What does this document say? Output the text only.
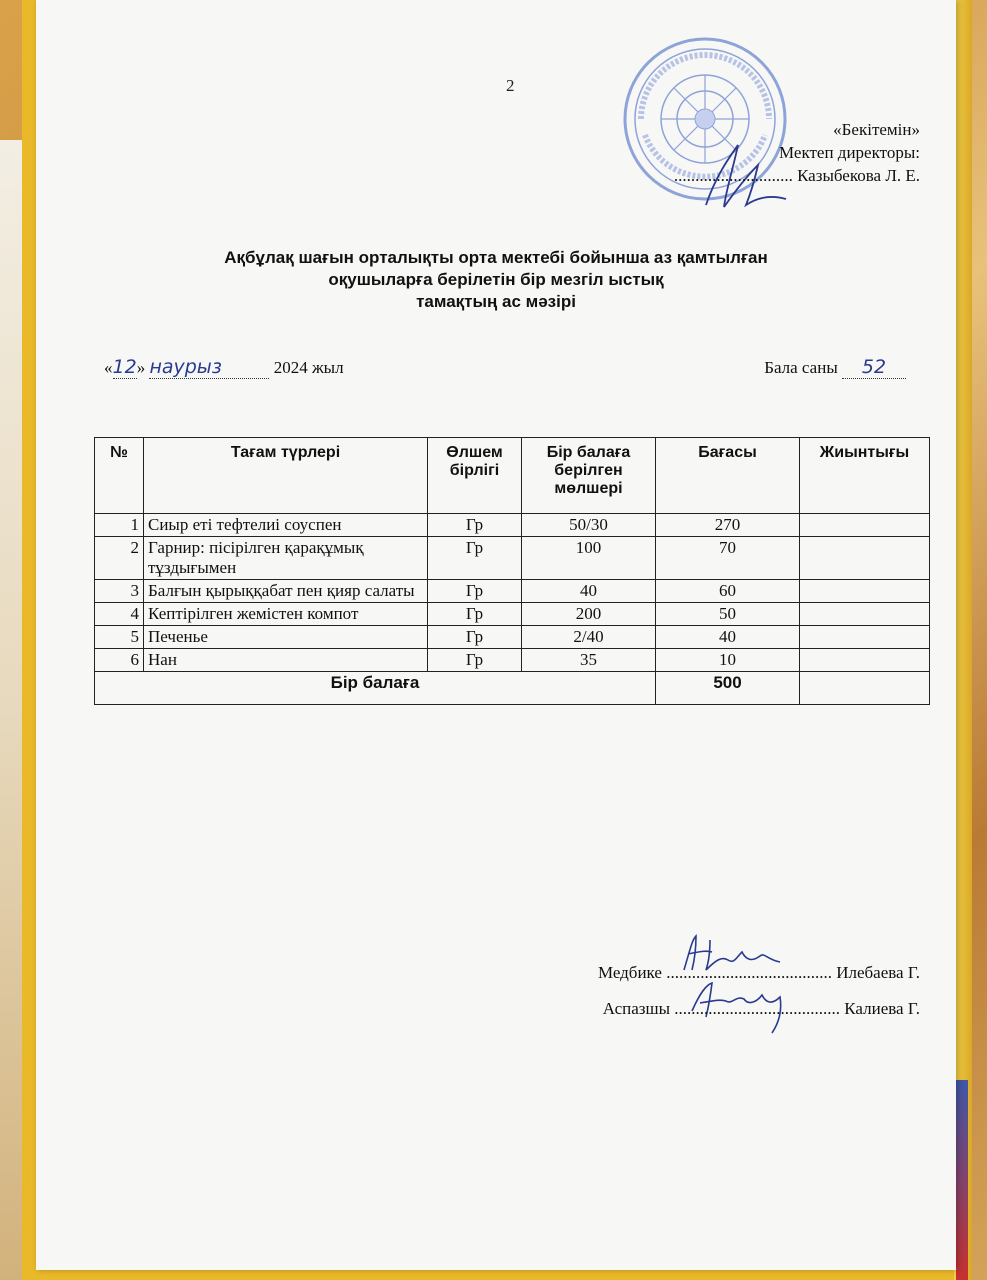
2
«Бекітемін»
Мектеп директоры:
............................ Казыбекова Л. Е.
Ақбұлақ шағын орталықты орта мектебі бойынша аз қамтылған
оқушыларға берілетін бір мезгіл ыстық
тамақтың ас мәзірі
«12» наурыз	2024 жыл	Бала саны 52
№	Тағам түрлері	Өлшем бірлігі	Бір балаға берілген мөлшері	Бағасы	Жиынтығы
1	Сиыр еті тефтелиі соуспен	Гр	50/30	270	
2	Гарнир: пісірілген қарақұмық тұздығымен	Гр	100	70	
3	Балғын қырыққабат пен қияр салаты	Гр	40	60	
4	Кептірілген жемістен компот	Гр	200	50	
5	Печенье	Гр	2/40	40	
6	Нан	Гр	35	10	
Бір балаға				500	
Медбике ....................................... Илебаева Г.
Аспазшы ....................................... Калиева Г.
